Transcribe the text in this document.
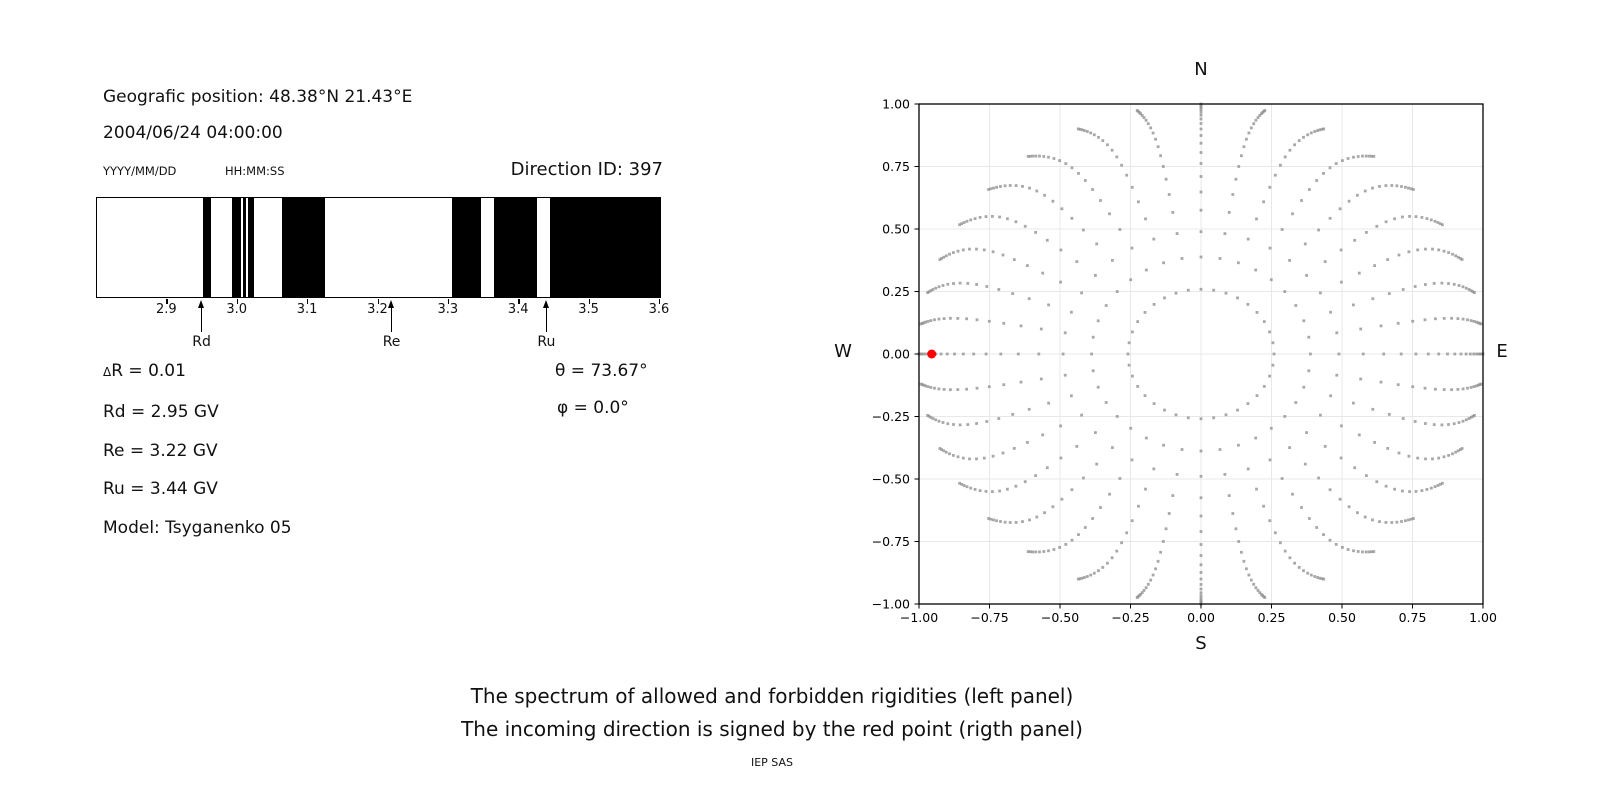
Geografic position: 48.38°N 21.43°E
2004/06/24 04:00:00
YYYY/MM/DD	HH:MM:SS	Direction ID: 397
2.9	3.0	3.1	3.2	3.3	3.4	3.5	3.6
Rd	Re	Ru
ΔR = 0.01
Rd = 2.95 GV
Re = 3.22 GV
Ru = 3.44 GV
Model: Tsyganenko 05
θ = 73.67°
φ = 0.0°
−1.00
−1.00
−0.75
−0.75
−0.50
−0.50
−0.25
−0.25
0.00
0.00
0.25
0.25
0.50
0.50
0.75
0.75
1.00
1.00
N
S
W	E
The spectrum of allowed and forbidden rigidities (left panel)
The incoming direction is signed by the red point (rigth panel)
IEP SAS
